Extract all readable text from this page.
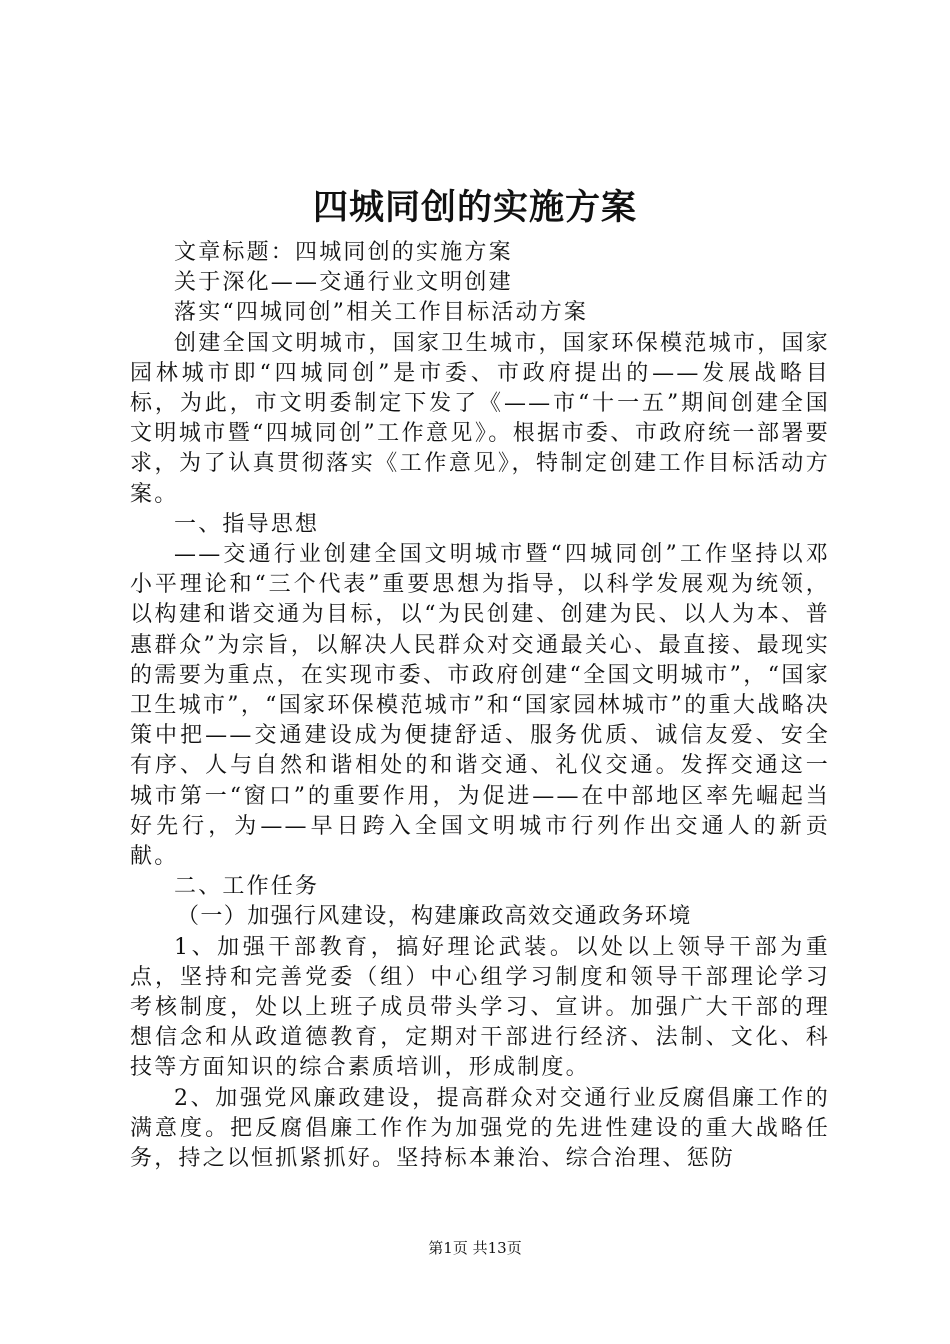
四城同创的实施方案

文章标题：四城同创的实施方案

关于深化——交通行业文明创建

落实“四城同创”相关工作目标活动方案

创建全国文明城市，国家卫生城市，国家环保模范城市，国家园林城市即“四城同创”是市委、市政府提出的——发展战略目标，为此，市文明委制定下发了《——市“十一五”期间创建全国文明城市暨“四城同创”工作意见》。根据市委、市政府统一部署要求，为了认真贯彻落实《工作意见》，特制定创建工作目标活动方案。

一、指导思想

——交通行业创建全国文明城市暨“四城同创”工作坚持以邓小平理论和“三个代表”重要思想为指导，以科学发展观为统领，以构建和谐交通为目标，以“为民创建、创建为民、以人为本、普惠群众”为宗旨，以解决人民群众对交通最关心、最直接、最现实的需要为重点，在实现市委、市政府创建“全国文明城市”，“国家卫生城市”，“国家环保模范城市”和“国家园林城市”的重大战略决策中把——交通建设成为便捷舒适、服务优质、诚信友爱、安全有序、人与自然和谐相处的和谐交通、礼仪交通。发挥交通这一城市第一“窗口”的重要作用，为促进——在中部地区率先崛起当好先行，为——早日跨入全国文明城市行列作出交通人的新贡献。

二、工作任务

（一）加强行风建设，构建廉政高效交通政务环境

1、加强干部教育，搞好理论武装。以处以上领导干部为重点，坚持和完善党委（组）中心组学习制度和领导干部理论学习考核制度，处以上班子成员带头学习、宣讲。加强广大干部的理想信念和从政道德教育，定期对干部进行经济、法制、文化、科技等方面知识的综合素质培训，形成制度。

2、加强党风廉政建设，提高群众对交通行业反腐倡廉工作的满意度。把反腐倡廉工作作为加强党的先进性建设的重大战略任务，持之以恒抓紧抓好。坚持标本兼治、综合治理、惩防

第1页 共13页
